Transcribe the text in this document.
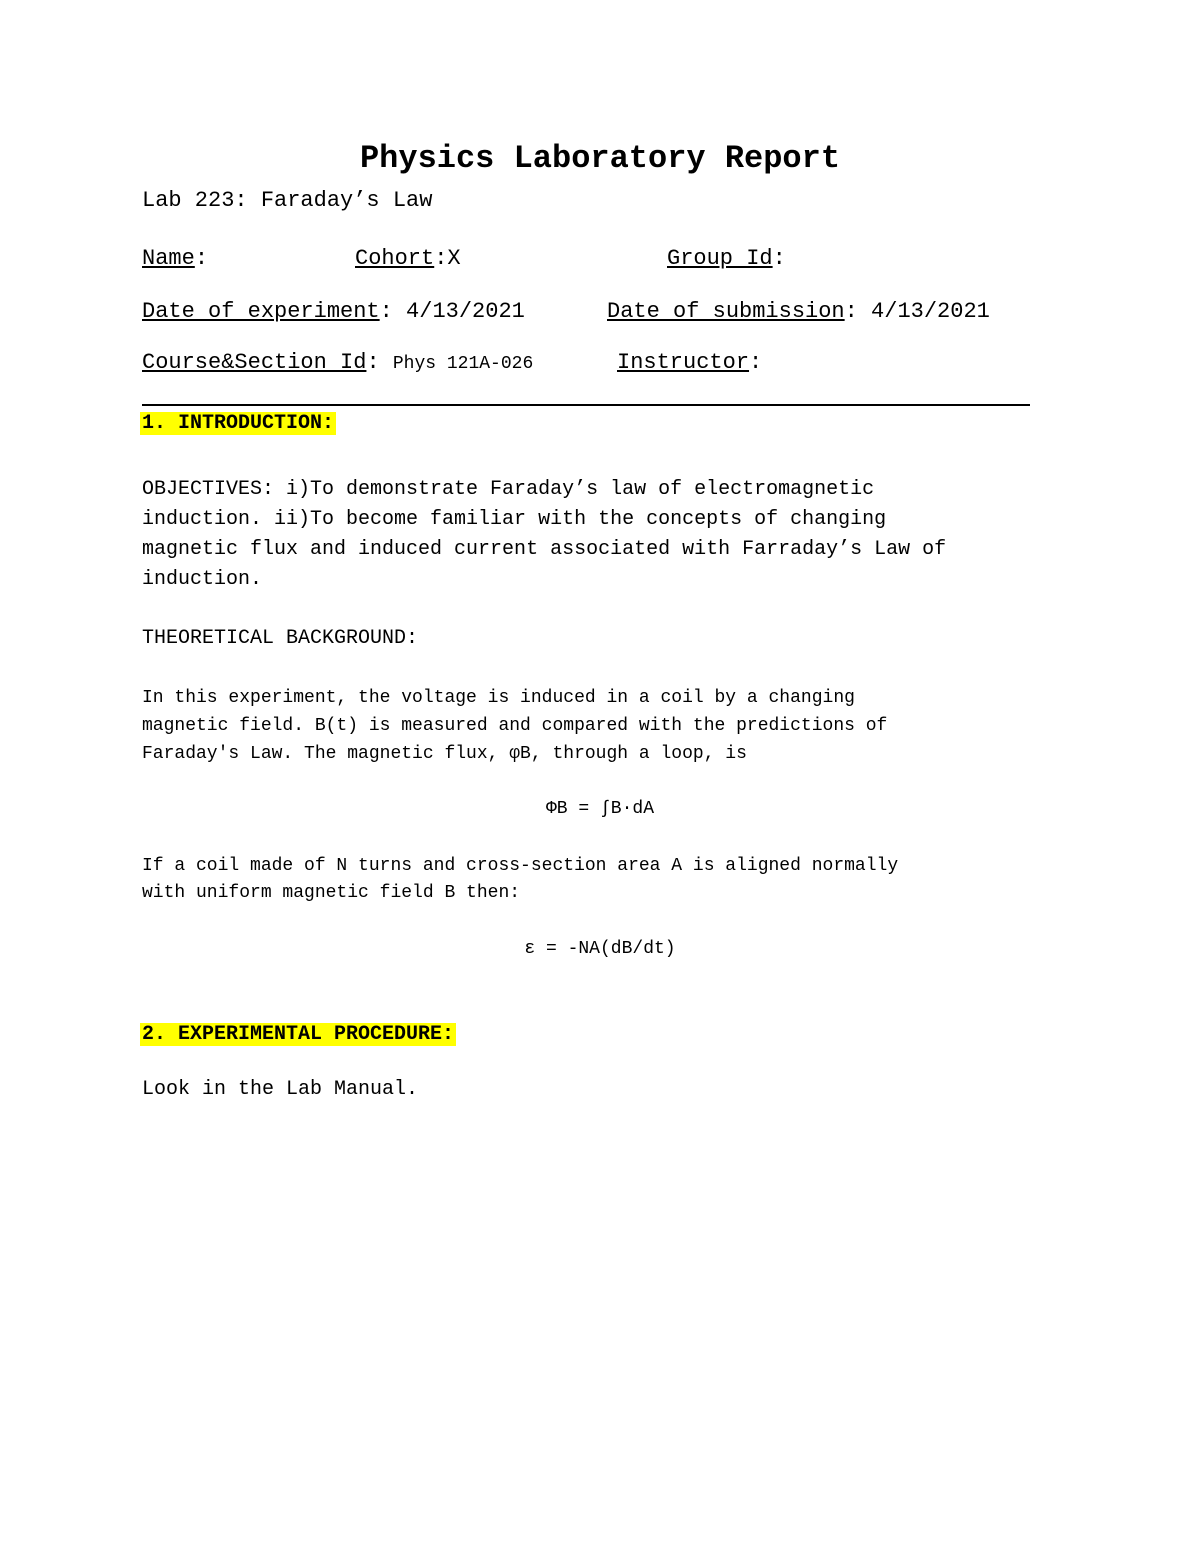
Physics Laboratory Report
Lab 223: Faraday’s Law
Name:	Cohort:X	Group Id:
Date of experiment: 4/13/2021	Date of submission: 4/13/2021
Course&Section Id: Phys 121A-026	Instructor:
1. INTRODUCTION:
OBJECTIVES: i)To demonstrate Faraday’s law of electromagnetic
induction. ii)To become familiar with the concepts of changing
magnetic flux and induced current associated with Farraday’s Law of
induction.
THEORETICAL BACKGROUND:
In this experiment, the voltage is induced in a coil by a changing
magnetic field. B(t) is measured and compared with the predictions of
Faraday's Law. The magnetic flux, φB, through a loop, is
ΦB = ∫B·dA
If a coil made of N turns and cross-section area A is aligned normally
with uniform magnetic field B then:
ε = -NA(dB/dt)
2. EXPERIMENTAL PROCEDURE:
Look in the Lab Manual.
